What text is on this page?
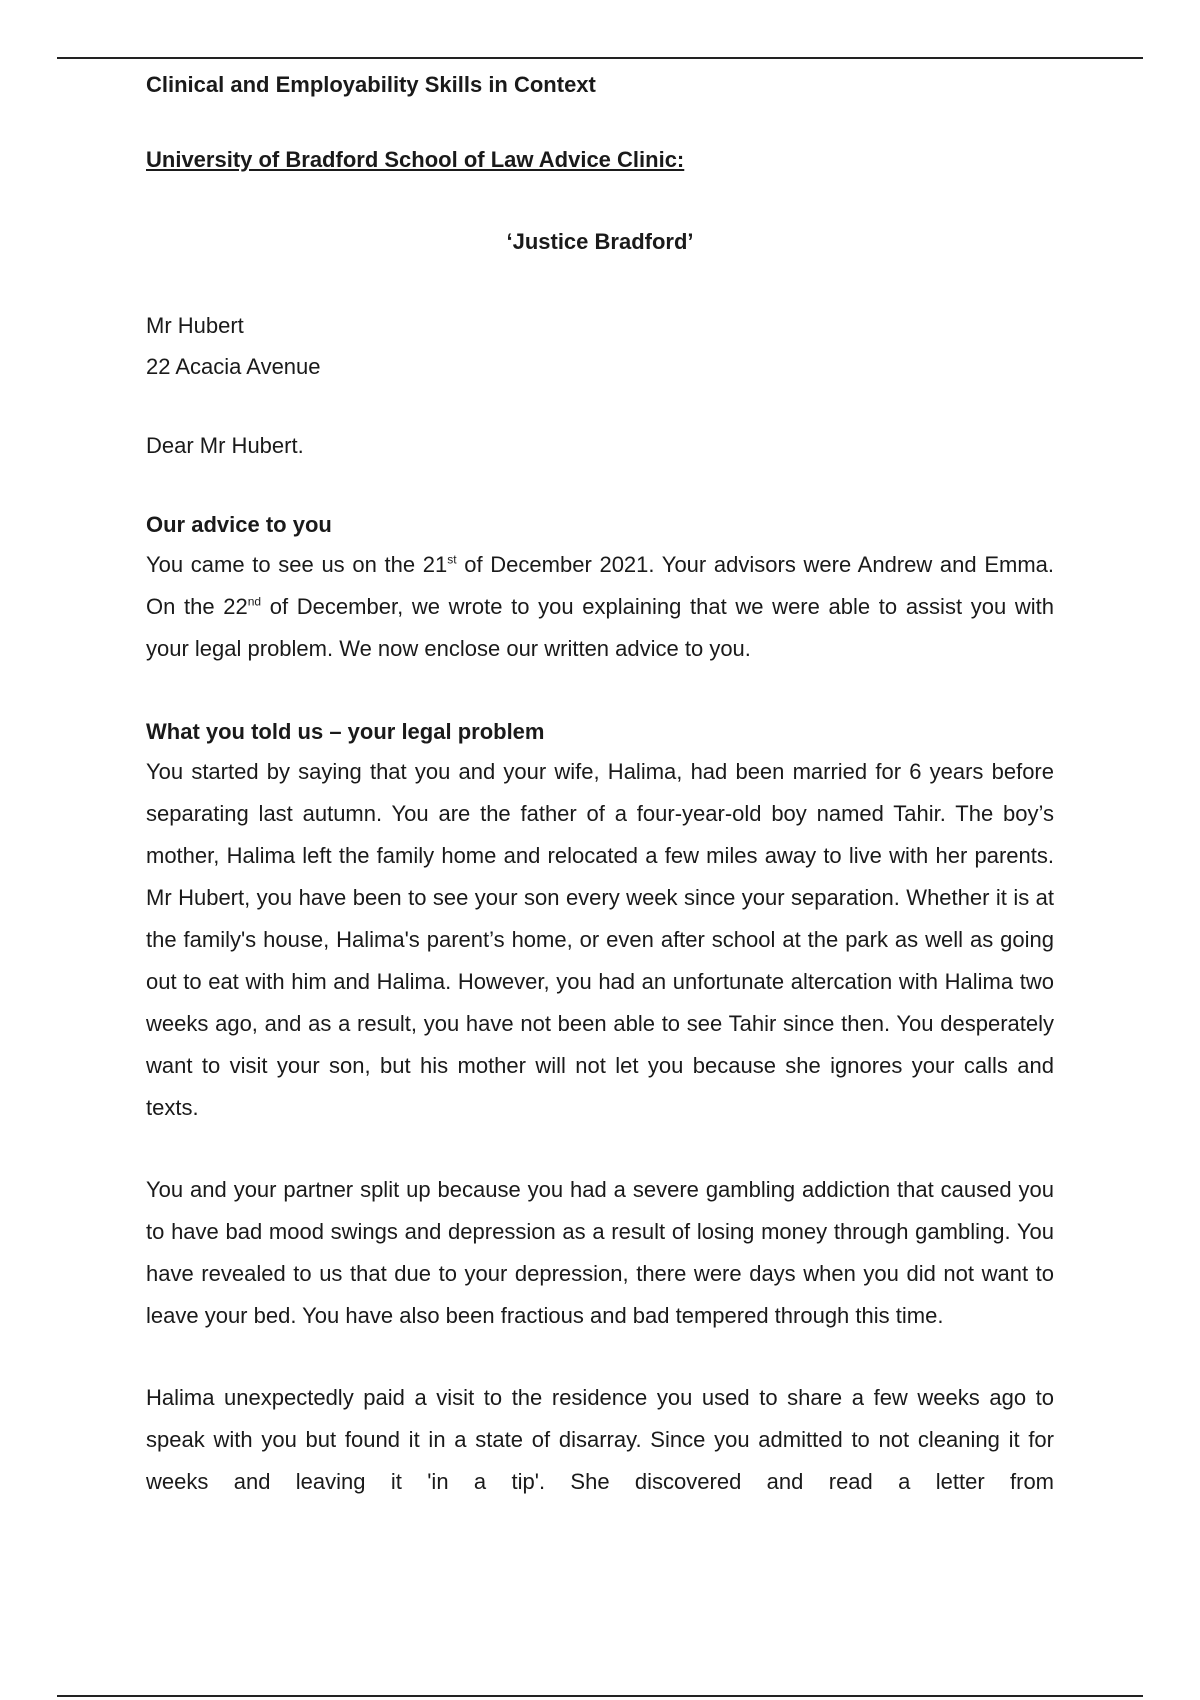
Clinical and Employability Skills in Context

University of Bradford School of Law Advice Clinic:

‘Justice Bradford’

Mr Hubert
22 Acacia Avenue

Dear Mr Hubert.

Our advice to you

You came to see us on the 21st of December 2021. Your advisors were Andrew and Emma. On the 22nd of December, we wrote to you explaining that we were able to assist you with your legal problem. We now enclose our written advice to you.

What you told us – your legal problem

You started by saying that you and your wife, Halima, had been married for 6 years before separating last autumn. You are the father of a four-year-old boy named Tahir. The boy’s mother, Halima left the family home and relocated a few miles away to live with her parents. Mr Hubert, you have been to see your son every week since your separation. Whether it is at the family's house, Halima's parent’s home, or even after school at the park as well as going out to eat with him and Halima. However, you had an unfortunate altercation with Halima two weeks ago, and as a result, you have not been able to see Tahir since then. You desperately want to visit your son, but his mother will not let you because she ignores your calls and texts.

You and your partner split up because you had a severe gambling addiction that caused you to have bad mood swings and depression as a result of losing money through gambling. You have revealed to us that due to your depression, there were days when you did not want to leave your bed. You have also been fractious and bad tempered through this time.

Halima unexpectedly paid a visit to the residence you used to share a few weeks ago to speak with you but found it in a state of disarray. Since you admitted to not cleaning it for weeks and leaving it 'in a tip'. She discovered and read a letter from
